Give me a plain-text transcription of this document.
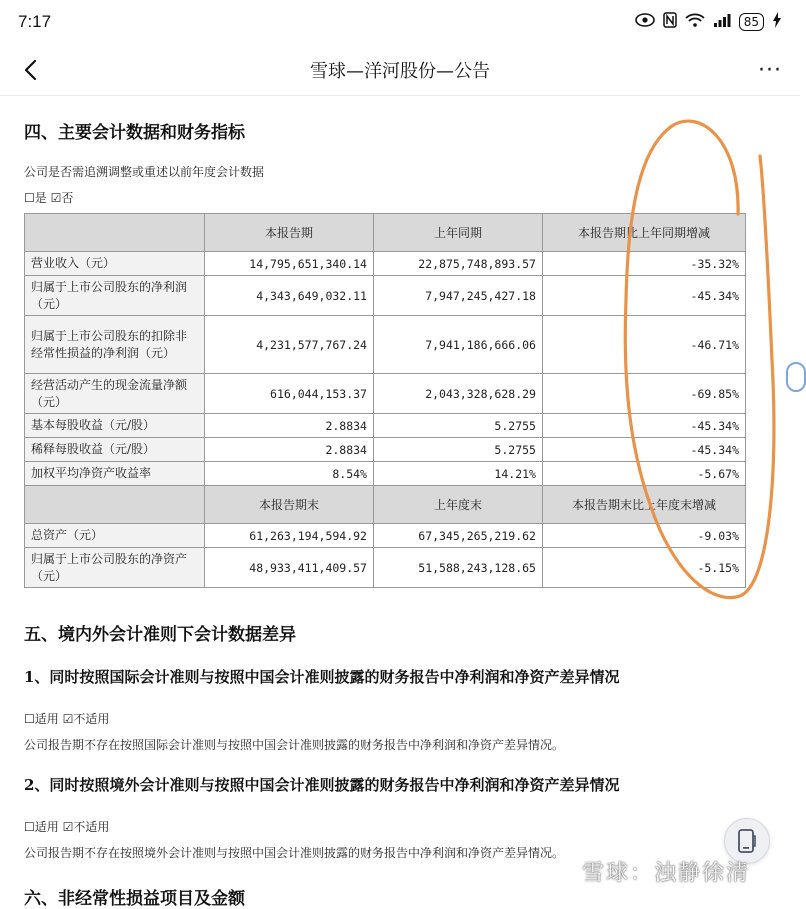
7:17	85
雪球—洋河股份—公告	···
四、主要会计数据和财务指标
公司是否需追溯调整或重述以前年度会计数据
☐是 ☑否
	本报告期	上年同期	本报告期比上年同期增减
营业收入（元）	14,795,651,340.14	22,875,748,893.57	-35.32%
归属于上市公司股东的净利润（元）	4,343,649,032.11	7,947,245,427.18	-45.34%
归属于上市公司股东的扣除非经常性损益的净利润（元）	4,231,577,767.24	7,941,186,666.06	-46.71%
经营活动产生的现金流量净额（元）	616,044,153.37	2,043,328,628.29	-69.85%
基本每股收益（元/股）	2.8834	5.2755	-45.34%
稀释每股收益（元/股）	2.8834	5.2755	-45.34%
加权平均净资产收益率	8.54%	14.21%	-5.67%
	本报告期末	上年度末	本报告期末比上年度末增减
总资产（元）	61,263,194,594.92	67,345,265,219.62	-9.03%
归属于上市公司股东的净资产（元）	48,933,411,409.57	51,588,243,128.65	-5.15%
五、境内外会计准则下会计数据差异
1、同时按照国际会计准则与按照中国会计准则披露的财务报告中净利润和净资产差异情况
☐适用 ☑不适用
公司报告期不存在按照国际会计准则与按照中国会计准则披露的财务报告中净利润和净资产差异情况。
2、同时按照境外会计准则与按照中国会计准则披露的财务报告中净利润和净资产差异情况
☐适用 ☑不适用
公司报告期不存在按照境外会计准则与按照中国会计准则披露的财务报告中净利润和净资产差异情况。
六、非经常性损益项目及金额
雪球：浊静徐清
